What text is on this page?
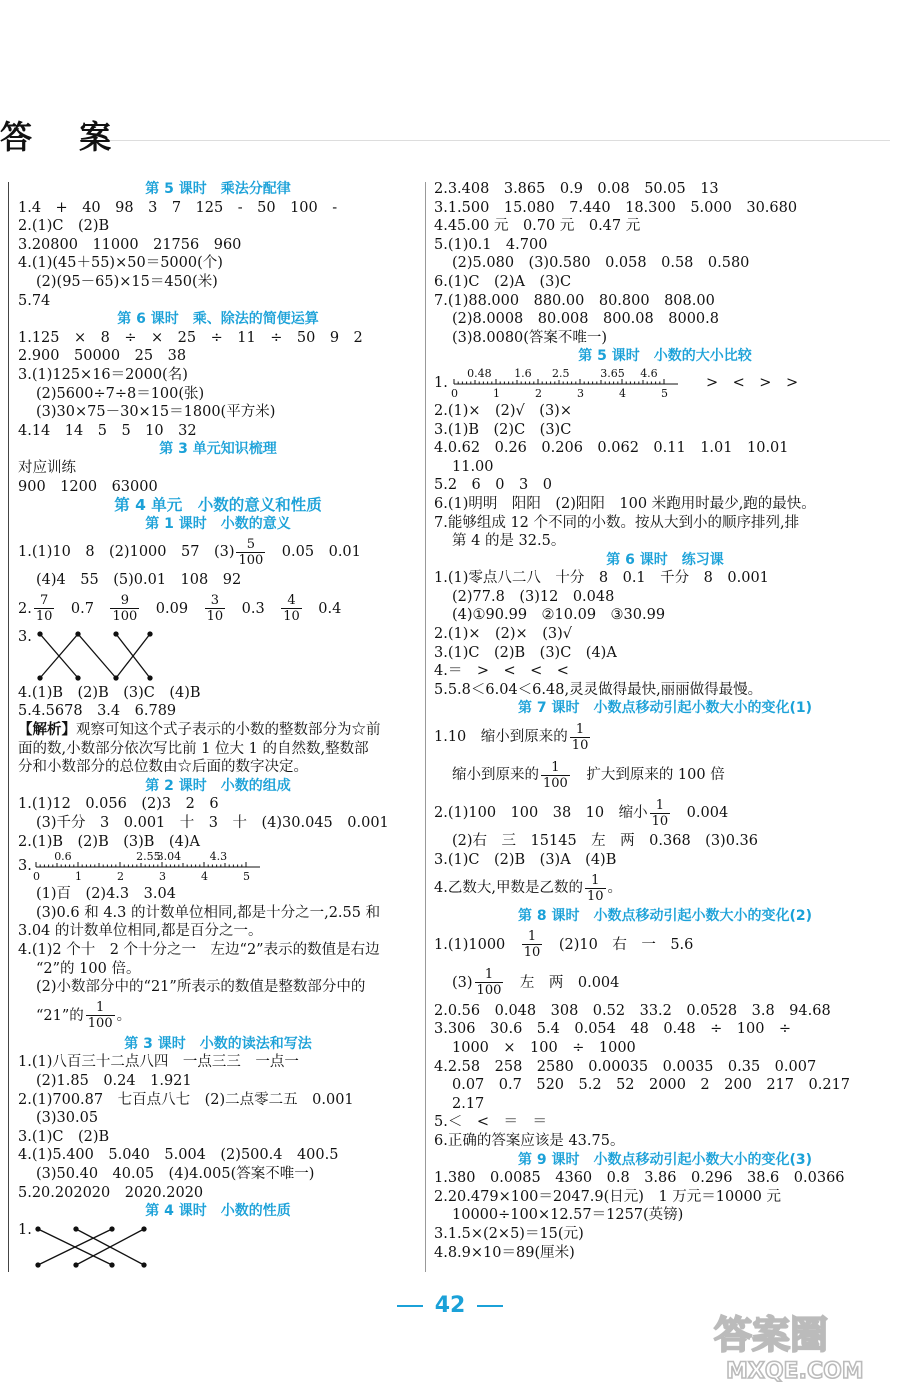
答 案
第 5 课时　乘法分配律
1.4　+　40　98　3　7　125　-　50　100　-
2.(1)C　(2)B
3.20800　11000　21756　960
4.(1)(45＋55)×50＝5000(个)
(2)(95－65)×15＝450(米)
5.74
第 6 课时　乘、除法的简便运算
1.125　×　8　÷　×　25　÷　11　÷　50　9　2
2.900　50000　25　38
3.(1)125×16＝2000(名)
(2)5600÷7÷8＝100(张)
(3)30×75－30×15＝1800(平方米)
4.14　14　5　5　10　32
第 3 单元知识梳理
对应训练
900　1200　63000
第 4 单元　小数的意义和性质
第 1 课时　小数的意义
1.(1)10　8　(2)1000　57　$(3) \frac{5}{100}$ 　0.05　0.01
(4)4　55　(5)0.01　108　92
2. $\frac{7}{10}$
　 0.7　 $\frac{9}{100}$
　 0.09　 $\frac{3}{10}$
　 0.3　 $\frac{4}{10}$
　 0.4
3.
4.(1)B　(2)B　(3)C　(4)B
5.4.5678　3.4　6.789
【解析】观察可知这个式子表示的小数的整数部分为☆前
面的数,小数部分依次写比前 1 位大 1 的自然数,整数部
分和小数部分的总位数由☆后面的数字决定。
第 2 课时　小数的组成
1.(1)12　0.056　(2)3　2　6
(3)千分　3　0.001　十　3　十　(4)30.045　0.001
2.(1)B　(2)B　(3)B　(4)A
3.
0	1	2	3	4	5
0.6	2.55
3.04	4.3
(1)百　(2)4.3　3.04
(3)0.6 和 4.3 的计数单位相同,都是十分之一,2.55 和
3.04 的计数单位相同,都是百分之一。
4.(1)2 个十　2 个十分之一　左边“2”表示的数值是右边
“2”的 100 倍。
(2)小数部分中的“21”所表示的数值是整数部分中的
“21”的 $\frac{1}{100}$ 。
第 3 课时　小数的读法和写法
1.(1)八百三十二点八四　一点三三　一点一
(2)1.85　0.24　1.921
2.(1)700.87　七百点八七　(2)二点零二五　0.001
(3)30.05
3.(1)C　(2)B
4.(1)5.400　5.040　5.004　(2)500.4　400.5
(3)50.40　40.05　(4)4.005(答案不唯一)
5.20.202020　2020.2020
第 4 课时　小数的性质
1.
2.3.408　3.865　0.9　0.08　50.05　13
3.1.500　15.080　7.440　18.300　5.000　30.680
4.45.00 元　0.70 元　0.47 元
5.(1)0.1　4.700
(2)5.080　(3)0.580　0.058　0.58　0.580
6.(1)C　(2)A　(3)C
7.(1)88.000　880.00　80.800　808.00
(2)8.0008　80.008　800.08　8000.8
(3)8.0080(答案不唯一)
第 5 课时　小数的大小比较
1.
0	1	2	3	4	5
0.48 1.6 2.5	3.65 4.6
>　<　>　>
2.(1)×　(2)√　(3)×
3.(1)B　(2)C　(3)C
4.0.62　0.26　0.206　0.062　0.11　1.01　10.01
11.00
5.2　6　0　3　0
6.(1)明明　阳阳　(2)阳阳　100 米跑用时最少,跑的最快。
7.能够组成 12 个不同的小数。按从大到小的顺序排列,排
第 4 的是 32.5。
第 6 课时　练习课
1.(1)零点八二八　十分　8　0.1　千分　8　0.001
(2)77.8　(3)12　0.048
(4)①90.99　②10.09　③30.99
2.(1)×　(2)×　(3)√
3.(1)C　(2)B　(3)C　(4)A
4.＝　>　<　<　<
5.5.8＜6.04＜6.48,灵灵做得最快,丽丽做得最慢。
第 7 课时　小数点移动引起小数大小的变化(1)
1.10　缩小到原来的 $\frac{1}{10}$
缩小到原来的 $\frac{1}{100}$ 　扩大到原来的 100 倍
2.(1)100　100　38　10　缩小 $\frac{1}{10}$ 　0.004
(2)右　三　15145　左　两　0.368　(3)0.36
3.(1)C　(2)B　(3)A　(4)B
4.乙数大,甲数是乙数的 $\frac{1}{10}$ 。
第 8 课时　小数点移动引起小数大小的变化(2)
1.(1)1000　 $\frac{1}{10}$ 　(2)10　右　一　5.6
$(3) \frac{1}{100}$ 　左　两　0.004
2.0.56　0.048　308　0.52　33.2　0.0528　3.8　94.68
3.306　30.6　5.4　0.054　48　0.48　÷　100　÷
1000　×　100　÷　1000
4.2.58　258　2580　0.00035　0.0035　0.35　0.007
0.07　0.7　520　5.2　52　2000　2　200　217　0.217
2.17
5.＜　<　＝　＝
6.正确的答案应该是 43.75。
第 9 课时　小数点移动引起小数大小的变化(3)
1.380　0.0085　4360　0.8　3.86　0.296　38.6　0.0366
2.20.479×100＝2047.9(日元)　1 万元＝10000 元
10000÷100×12.57＝1257(英镑)
3.1.5×(2×5)＝15(元)
4.8.9×10＝89(厘米)
42
答案圈
MXQE.COM
